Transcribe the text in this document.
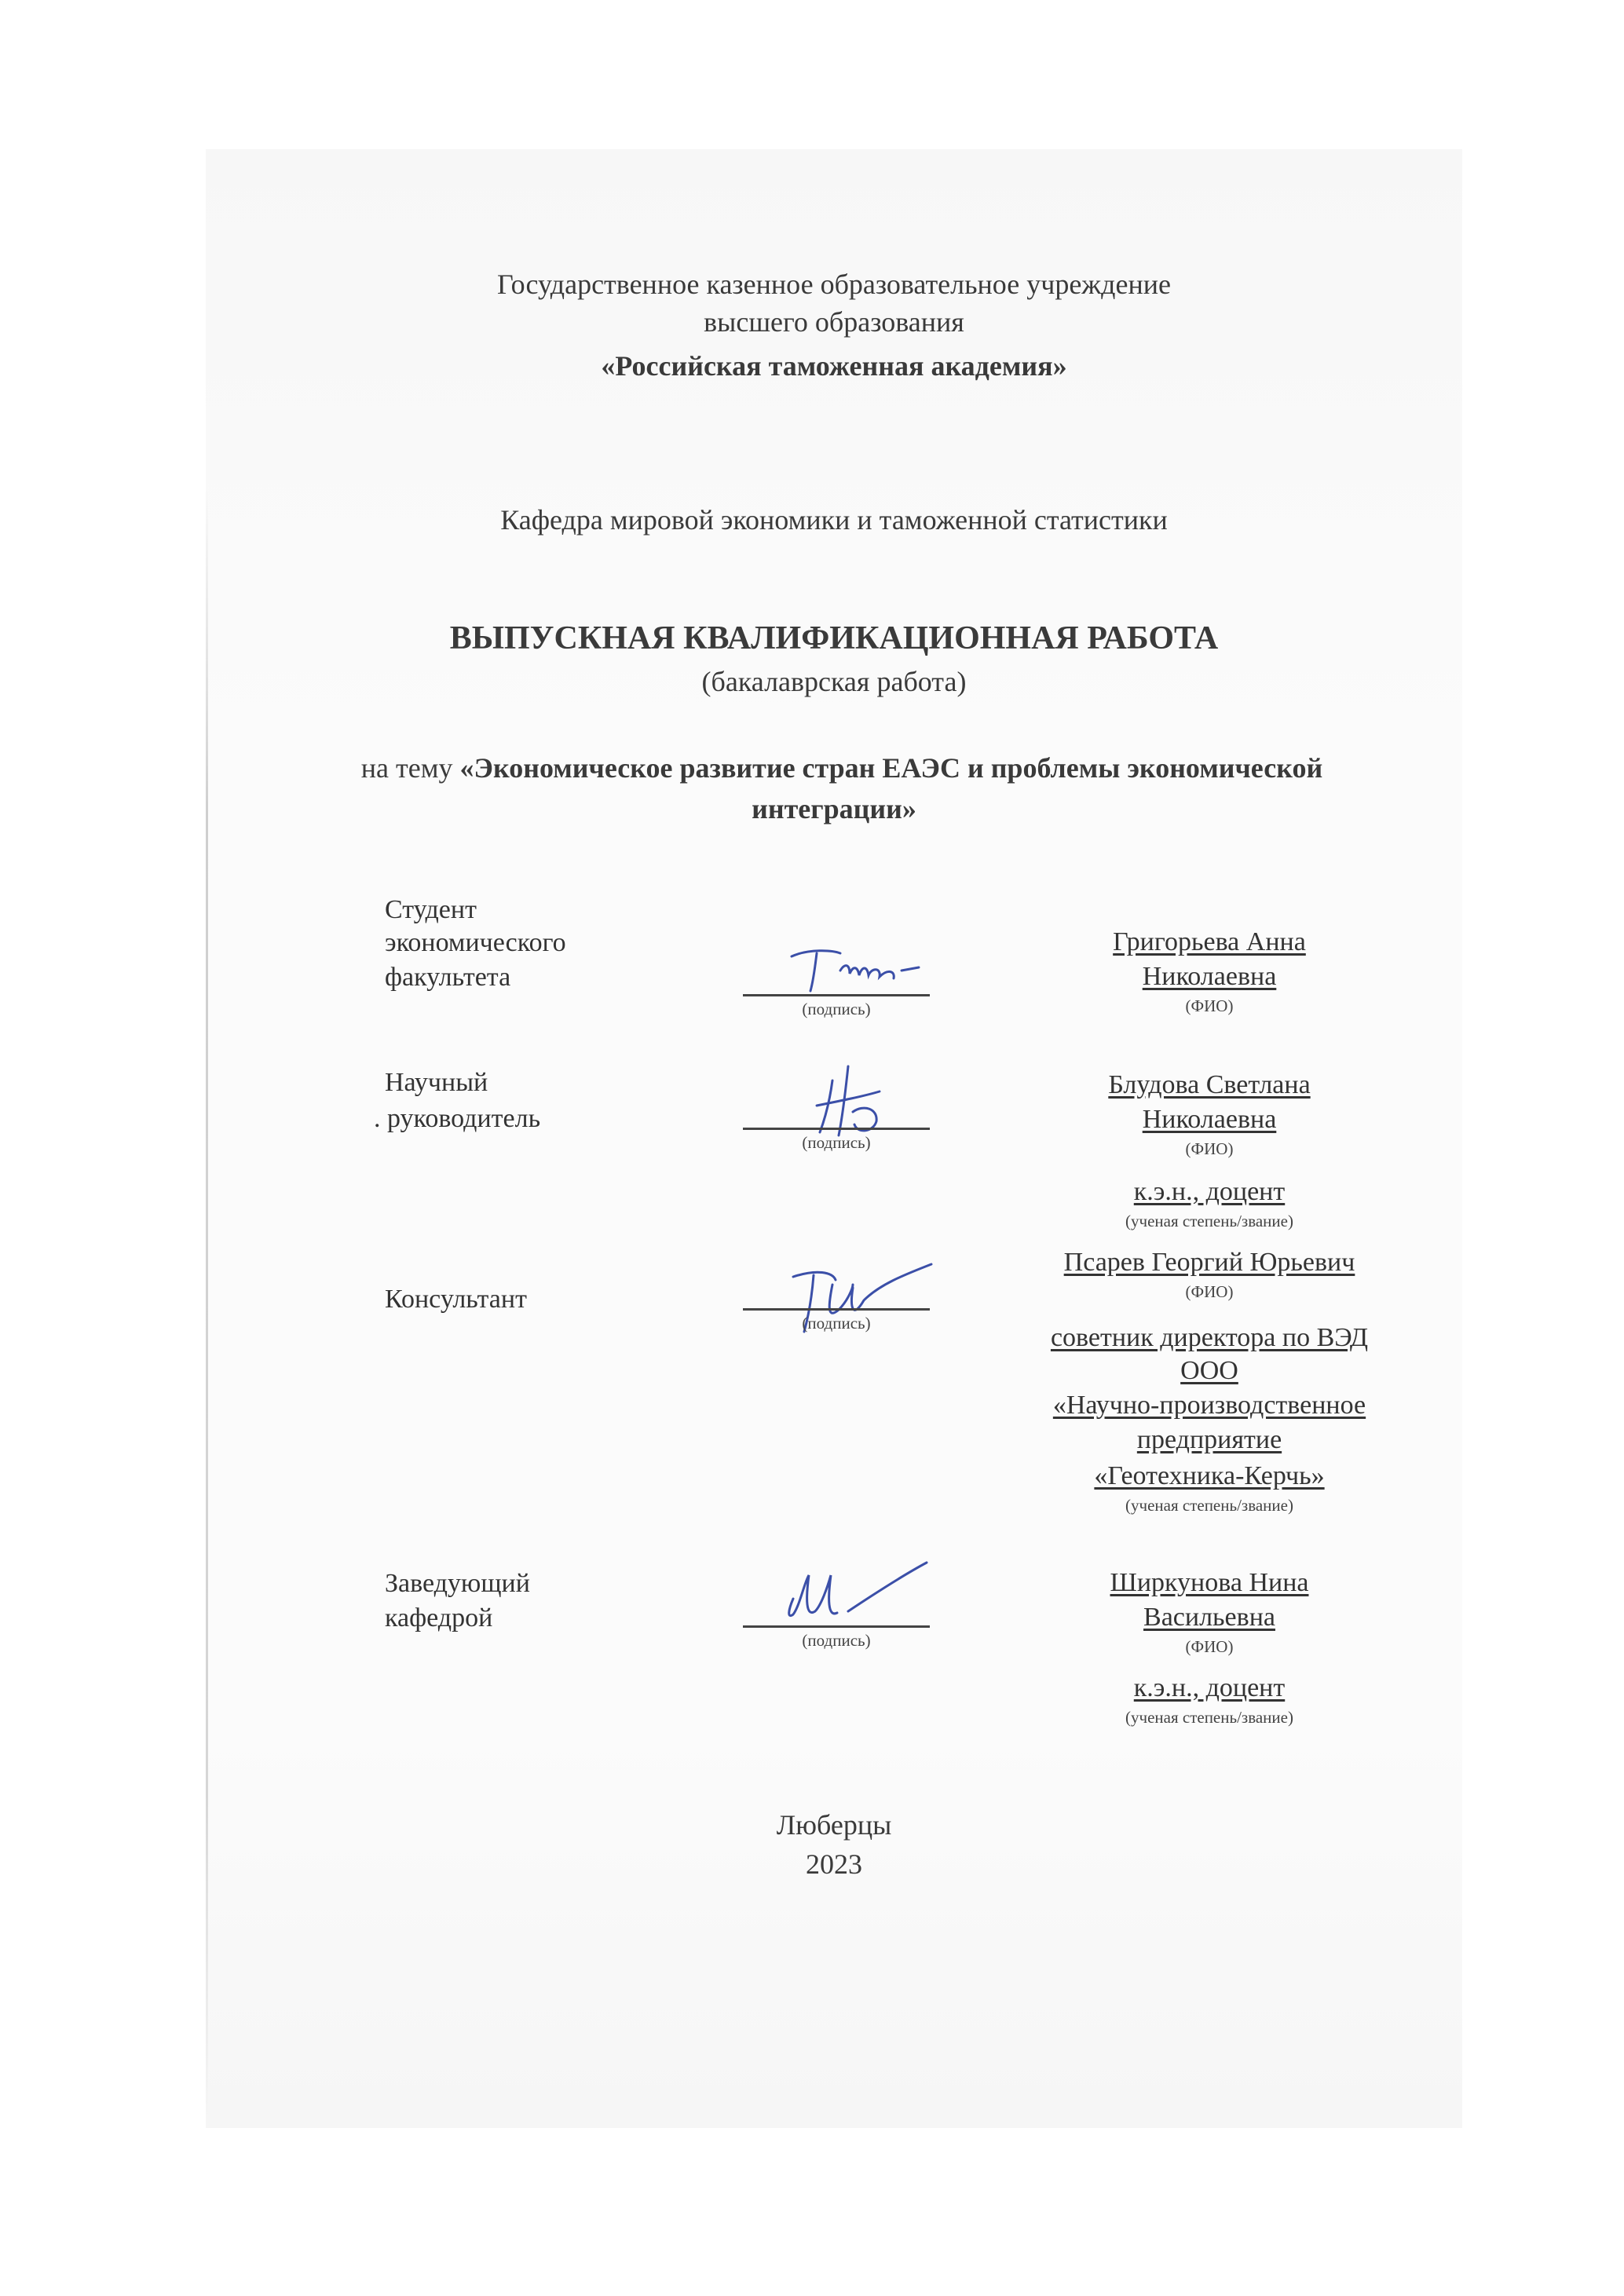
Государственное казенное образовательное учреждение
высшего образования
«Российская таможенная академия»
Кафедра мировой экономики и таможенной статистики
ВЫПУСКНАЯ КВАЛИФИКАЦИОННАЯ РАБОТА
(бакалаврская работа)
на тему «Экономическое развитие стран ЕАЭС и проблемы экономической
интеграции»
Студент
экономического
факультета
(подпись)
Григорьева Анна
Николаевна
(ФИО)
Научный
. руководитель
(подпись)
Блудова Светлана
Николаевна
(ФИО)
к.э.н., доцент
(ученая степень/звание)
Консультант
(подпись)
Псарев Георгий Юрьевич
(ФИО)
советник директора по ВЭД
ООО
«Научно-производственное
предприятие
«Геотехника-Керчь»
(ученая степень/звание)
Заведующий
кафедрой
(подпись)
Ширкунова Нина
Васильевна
(ФИО)
к.э.н., доцент
(ученая степень/звание)
Люберцы
2023
